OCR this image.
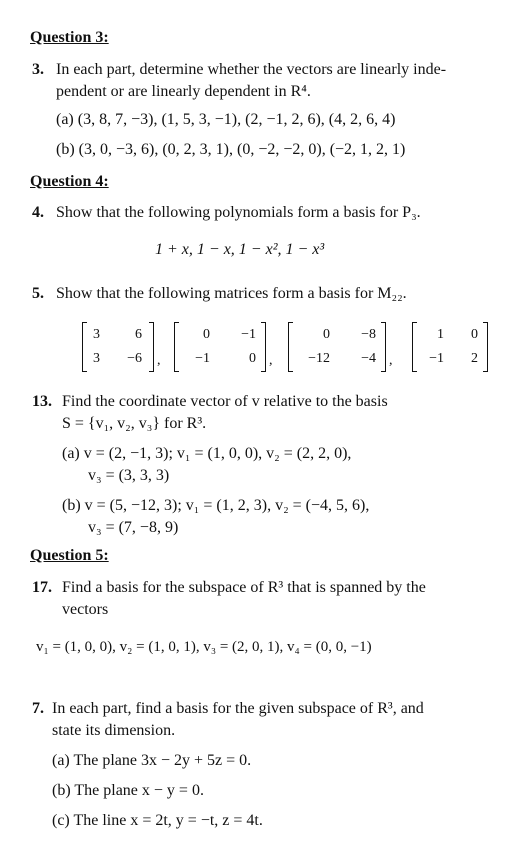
Question 3:
3. In each part, determine whether the vectors are linearly inde-
pendent or are linearly dependent in R⁴.
(a) (3, 8, 7, −3), (1, 5, 3, −1), (2, −1, 2, 6), (4, 2, 6, 4)
(b) (3, 0, −3, 6), (0, 2, 3, 1), (0, −2, −2, 0), (−2, 1, 2, 1)
Question 4:
4. Show that the following polynomials form a basis for P₃.
1 + x, 1 − x, 1 − x², 1 − x³
5. Show that the following matrices form a basis for M₂₂.
3	6
3	−6 ,
0	−1
−1	0 ,
0	−8
−12	−4 ,
1	0
−1	2
13. Find the coordinate vector of v relative to the basis
S = {v₁, v₂, v₃} for R³.
(a) v = (2, −1, 3); v₁ = (1, 0, 0), v₂ = (2, 2, 0),
v₃ = (3, 3, 3)
(b) v = (5, −12, 3); v₁ = (1, 2, 3), v₂ = (−4, 5, 6),
v₃ = (7, −8, 9)
Question 5:
17. Find a basis for the subspace of R³ that is spanned by the
vectors
v₁ = (1, 0, 0), v₂ = (1, 0, 1), v₃ = (2, 0, 1), v₄ = (0, 0, −1)
7. In each part, find a basis for the given subspace of R³, and
state its dimension.
(a) The plane 3x − 2y + 5z = 0.
(b) The plane x − y = 0.
(c) The line x = 2t, y = −t, z = 4t.
